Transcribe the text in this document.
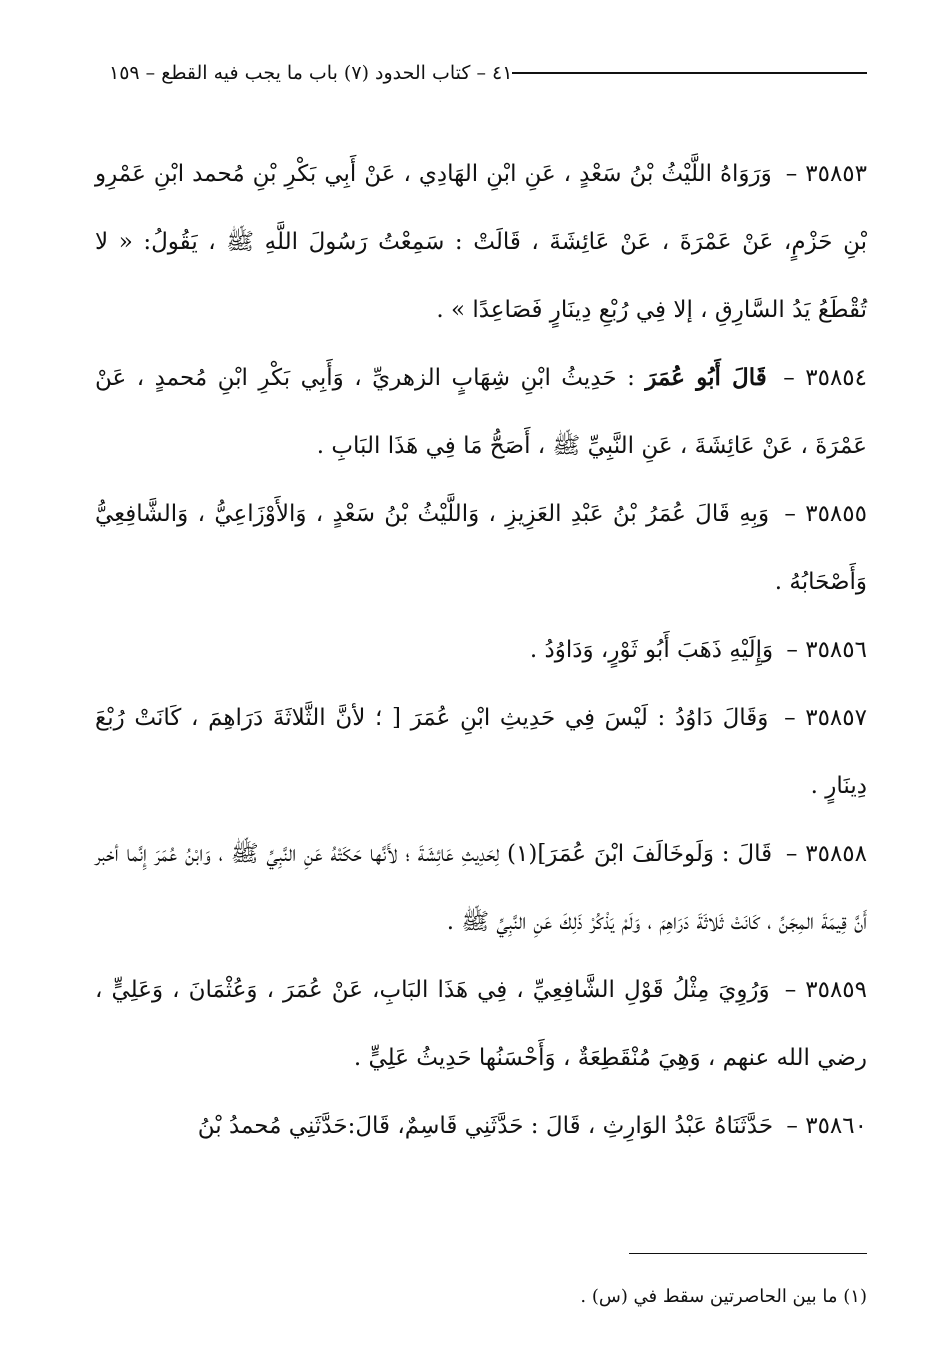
٤١ – كتاب الحدود (٧) باب ما يجب فيه القطع – ١٥٩

٣٥٨٥٣ – وَرَوَاهُ اللَّيْثُ بْنُ سَعْدٍ ، عَنِ ابْنِ الهَادِي ، عَنْ أَبِي بَكْرِ بْنِ مُحمد ابْنِ عَمْرِو بْنِ حَزْمٍ، عَنْ عَمْرَةَ ، عَنْ عَائِشَةَ ، قَالَتْ : سَمِعْتُ رَسُولَ اللَّهِ ﷺ ، يَقُولُ: « لا تُقْطَعُ يَدُ السَّارِقِ ، إلا فِي رُبْعِ دِينَارٍ فَصَاعِدًا » .

٣٥٨٥٤ – قَالَ أَبُو عُمَرَ : حَدِيثُ ابْنِ شِهَابٍ الزهريِّ ، وَأَبِي بَكْرِ ابْنِ مُحمدٍ ، عَنْ عَمْرَةَ ، عَنْ عَائِشَةَ ، عَنِ النَّبِيِّ ﷺ ، أَصَحُّ مَا فِي هَذَا البَابِ .

٣٥٨٥٥ – وَبِهِ قَالَ عُمَرُ بْنُ عَبْدِ العَزِيزِ ، وَاللَّيْثُ بْنُ سَعْدٍ ، وَالأَوْزَاعِيُّ ، وَالشَّافِعِيُّ وَأَصْحَابُهُ .

٣٥٨٥٦ – وَإِلَيْهِ ذَهَبَ أَبُو ثَوْرٍ، وَدَاوُدُ .

٣٥٨٥٧ – وَقَالَ دَاوُدُ : لَيْسَ فِي حَدِيثِ ابْنِ عُمَرَ [ ؛ لأنَّ الثَّلاثَةَ دَرَاهِمَ ، كَانَتْ رُبْعَ دِينَارٍ .

٣٥٨٥٨ – قَالَ : وَلَوخَالَفَ ابْنَ عُمَرَ](١) لِحَدِيثِ عَائِشَةَ ؛ لأَنَّها حَكَتْهُ عَنِ النَّبِيِّ ﷺ ، وَابْنُ عُمَرَ إِنَّما أخبر أَنَّ قِيمَةَ المِجَنِّ ، كَانَتْ ثَلاثَةَ دَرَاهِمَ ، وَلَمْ يَذْكُرْ ذَلِكَ عَنِ النَّبِيِّ ﷺ .

٣٥٨٥٩ – وَرُوِيَ مِثْلُ قَوْلِ الشَّافِعِيِّ ، فِي هَذَا البَابِ، عَنْ عُمَرَ ، وَعُثْمَانَ ، وَعَلِيٍّ ، رضي الله عنهم ، وَهِيَ مُنْقَطِعَةٌ ، وَأَحْسَنُها حَدِيثُ عَلِيٍّ .

٣٥٨٦٠ – حَدَّثَنَاهُ عَبْدُ الوَارِثِ ، قَالَ : حَدَّثَنِي قَاسِمٌ، قَالَ:حَدَّثَنِي مُحمدُ بْنُ

(١) ما بين الحاصرتين سقط في (س) .
